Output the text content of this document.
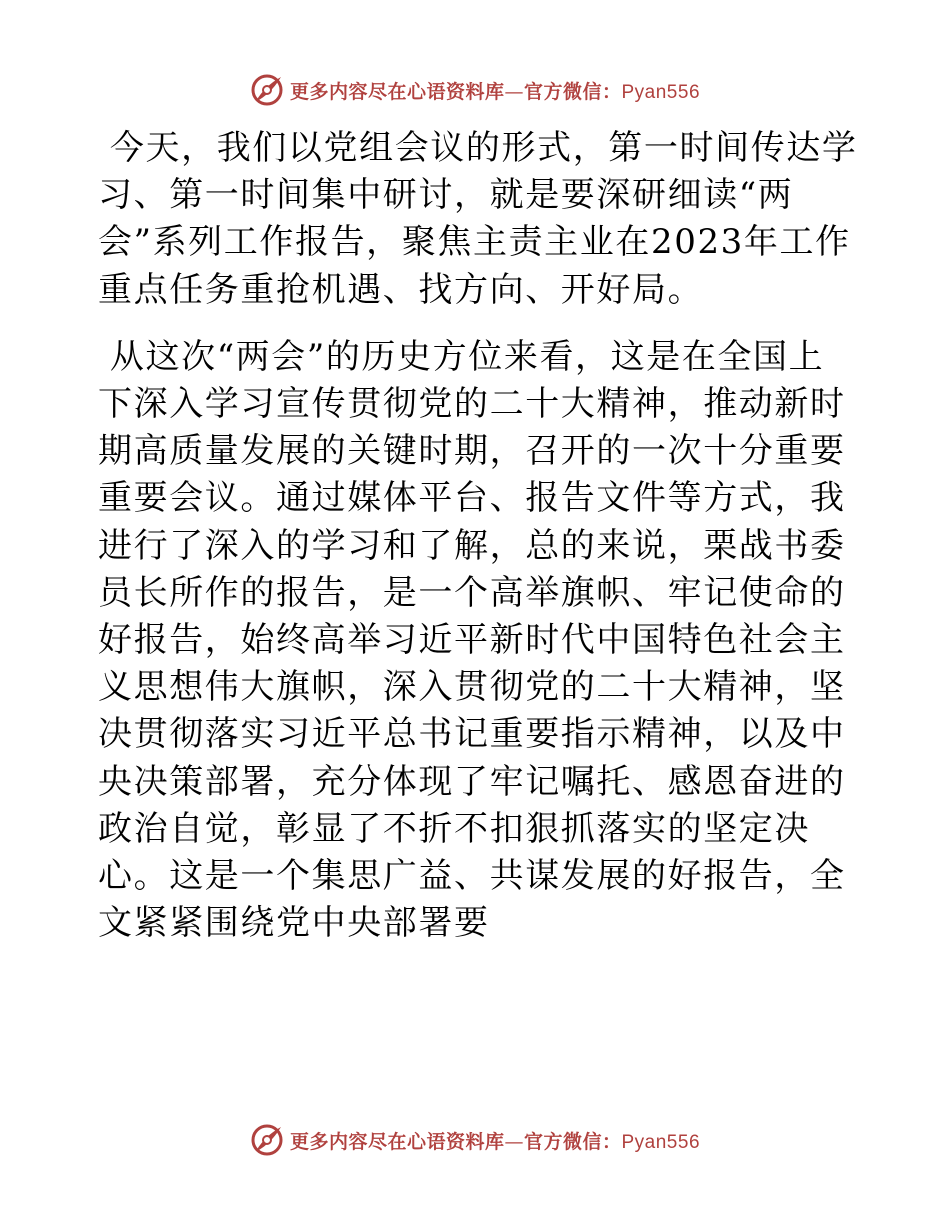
更多内容尽在心语资料库—官方微信：Pyan556

今天，我们以党组会议的形式，第一时间传达学习、第一时间集中研讨，就是要深研细读“两会”系列工作报告，聚焦主责主业在2023年工作重点任务重抢机遇、找方向、开好局。

从这次“两会”的历史方位来看，这是在全国上下深入学习宣传贯彻党的二十大精神，推动新时期高质量发展的关键时期，召开的一次十分重要重要会议。通过媒体平台、报告文件等方式，我进行了深入的学习和了解，总的来说，栗战书委员长所作的报告，是一个高举旗帜、牢记使命的好报告，始终高举习近平新时代中国特色社会主义思想伟大旗帜，深入贯彻党的二十大精神，坚决贯彻落实习近平总书记重要指示精神，以及中央决策部署，充分体现了牢记嘱托、感恩奋进的政治自觉，彰显了不折不扣狠抓落实的坚定决心。这是一个集思广益、共谋发展的好报告，全文紧紧围绕党中央部署要

更多内容尽在心语资料库—官方微信：Pyan556
